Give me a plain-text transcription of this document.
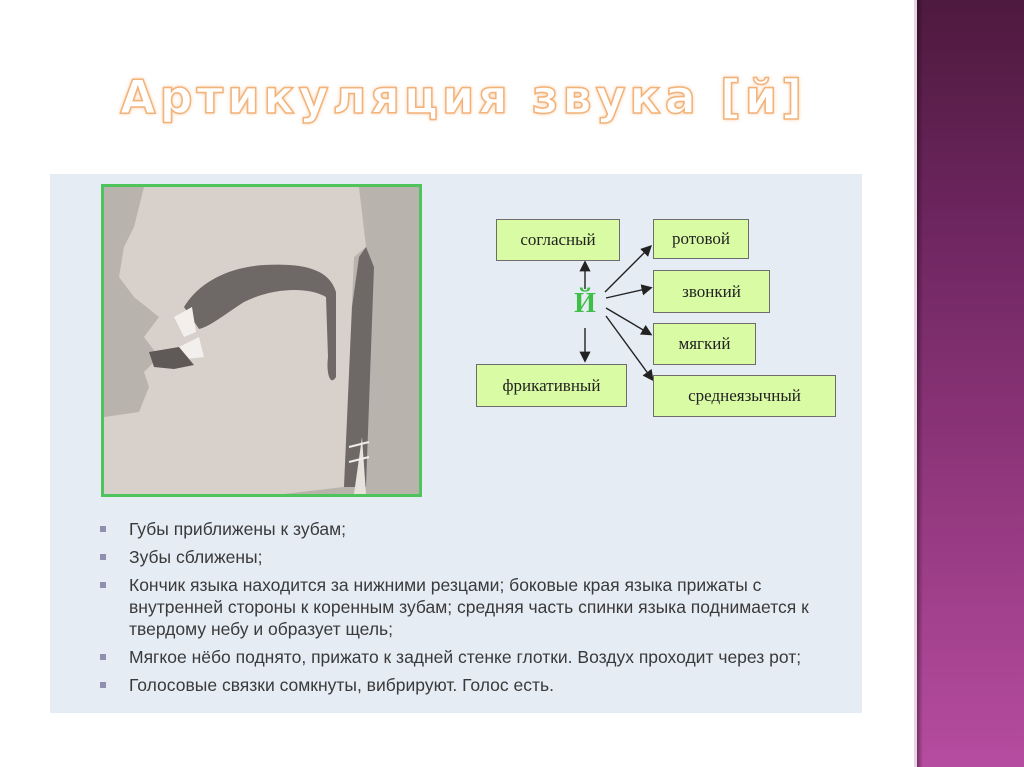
Артикуляция звука [й]
согласный
фрикативный
ротовой
звонкий
мягкий
среднеязычный
Й
Губы приближены к зубам;
Зубы сближены;
Кончик языка находится за нижними резцами; боковые края языка прижаты с внутренней стороны к коренным зубам; средняя часть спинки языка поднимается к твердому небу и образует щель;
Мягкое нёбо поднято, прижато к задней стенке глотки. Воздух проходит через рот;
Голосовые связки сомкнуты, вибрируют. Голос есть.
